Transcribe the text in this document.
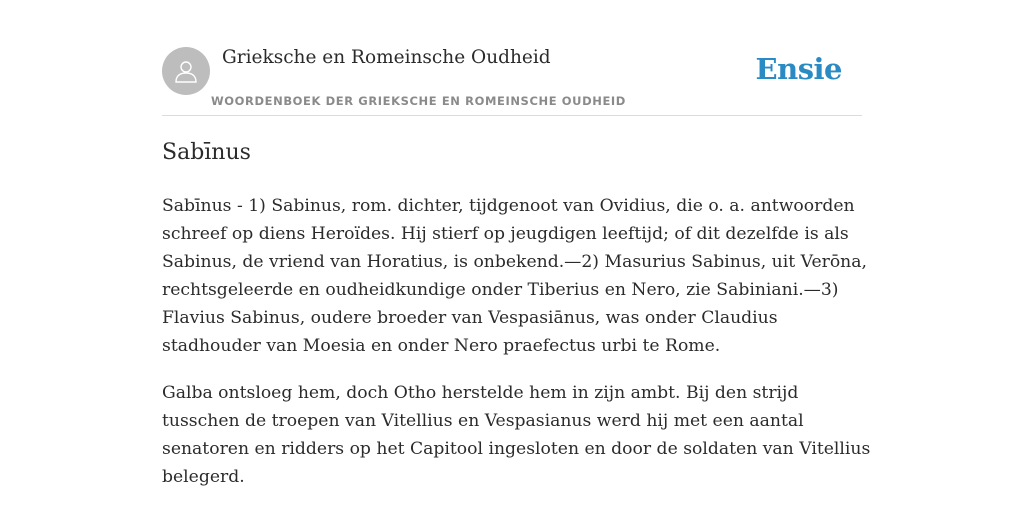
Grieksche en Romeinsche Oudheid
WOORDENBOEK DER GRIEKSCHE EN ROMEINSCHE OUDHEID
Ensie
Sabīnus

Sabīnus - 1) Sabinus, rom. dichter, tijdgenoot van Ovidius, die o. a. antwoorden schreef op diens Heroïdes. Hij stierf op jeugdigen leeftijd; of dit dezelfde is als Sabinus, de vriend van Horatius, is onbekend.—2) Masurius Sabinus, uit Verōna, rechtsgeleerde en oudheidkundige onder Tiberius en Nero, zie Sabiniani.—3) Flavius Sabinus, oudere broeder van Vespasiānus, was onder Claudius stadhouder van Moesia en onder Nero praefectus urbi te Rome.

Galba ontsloeg hem, doch Otho herstelde hem in zijn ambt. Bij den strijd tusschen de troepen van Vitellius en Vespasianus werd hij met een aantal senatoren en ridders op het Capitool ingesloten en door de soldaten van Vitellius belegerd.
